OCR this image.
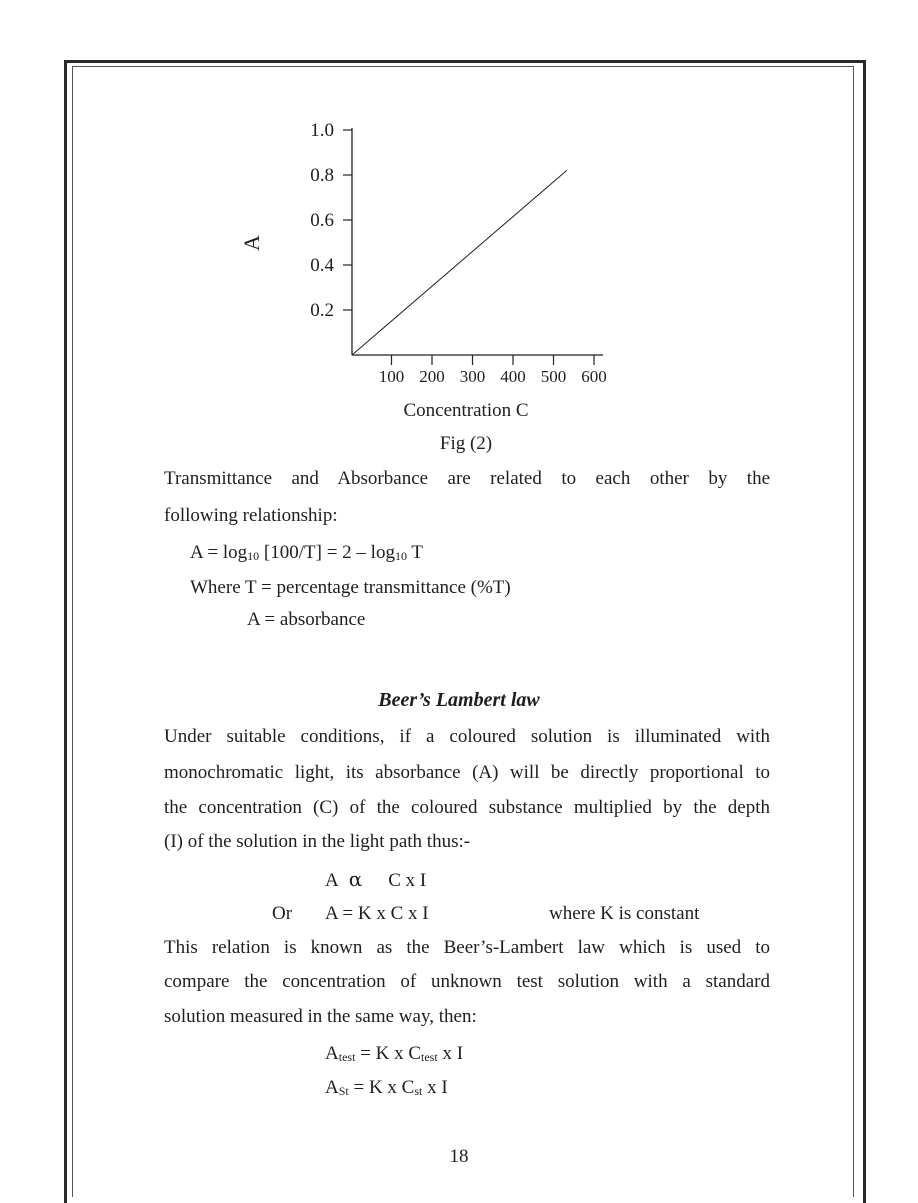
0.2
0.4
0.6
0.8
1.0
100 200 300 400 500 600
A
Concentration C
Fig (2)
Transmittance and Absorbance are related to each other by the
following relationship:
A = log10 [100/T] = 2 – log10 T
Where T = percentage transmittance (%T)
A = absorbance
Beer’s Lambert law
Under suitable conditions, if a coloured solution is illuminated with
monochromatic light, its absorbance (A) will be directly proportional to
the concentration (C) of the coloured substance multiplied by the depth
(I) of the solution in the light path thus:-
A α C x I
Or A = K x C x I	where K is constant
This relation is known as the Beer’s-Lambert law which is used to
compare the concentration of unknown test solution with a standard
solution measured in the same way, then:
Atest = K x Ctest x I
ASt = K x Cst x I
18
